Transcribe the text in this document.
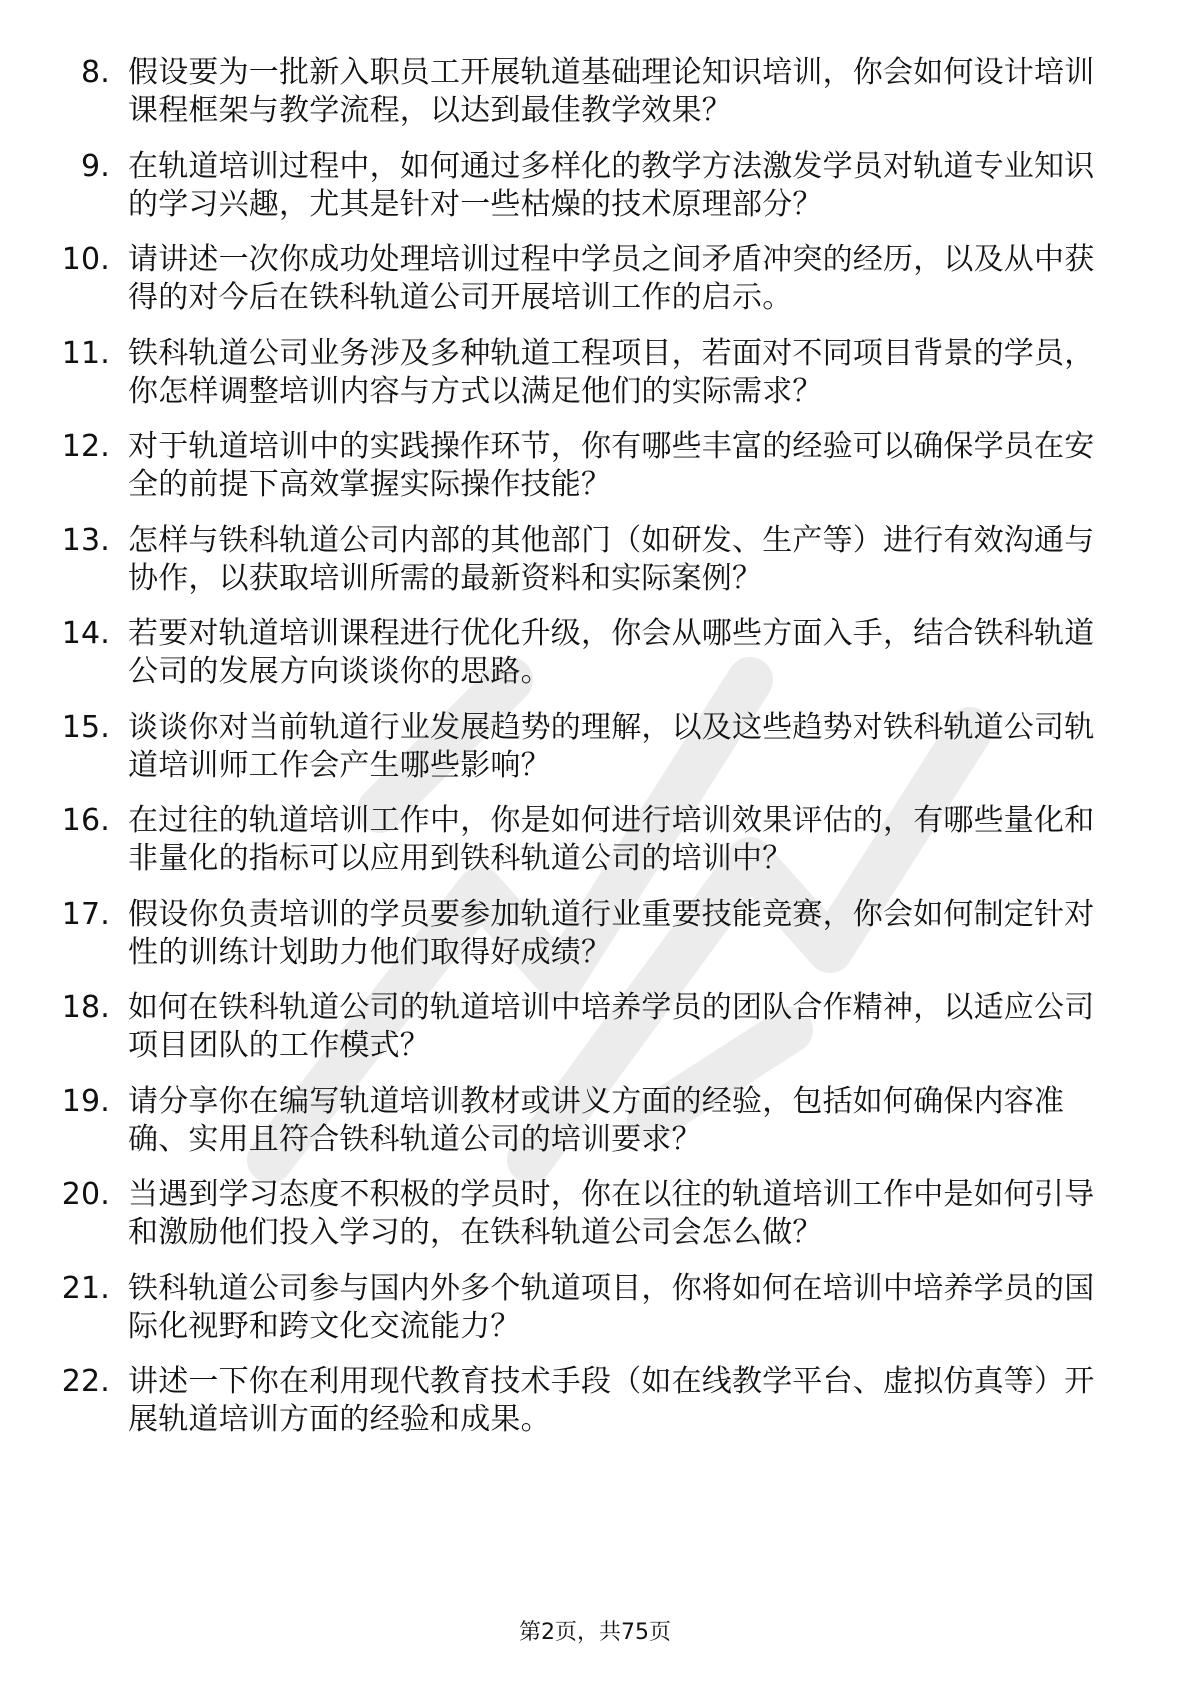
8. 假设要为一批新入职员工开展轨道基础理论知识培训，你会如何设计培训课程框架与教学流程，以达到最佳教学效果？
9. 在轨道培训过程中，如何通过多样化的教学方法激发学员对轨道专业知识的学习兴趣，尤其是针对一些枯燥的技术原理部分？
10. 请讲述一次你成功处理培训过程中学员之间矛盾冲突的经历，以及从中获得的对今后在铁科轨道公司开展培训工作的启示。
11. 铁科轨道公司业务涉及多种轨道工程项目，若面对不同项目背景的学员，你怎样调整培训内容与方式以满足他们的实际需求？
12. 对于轨道培训中的实践操作环节，你有哪些丰富的经验可以确保学员在安全的前提下高效掌握实际操作技能？
13. 怎样与铁科轨道公司内部的其他部门（如研发、生产等）进行有效沟通与协作，以获取培训所需的最新资料和实际案例？
14. 若要对轨道培训课程进行优化升级，你会从哪些方面入手，结合铁科轨道公司的发展方向谈谈你的思路。
15. 谈谈你对当前轨道行业发展趋势的理解，以及这些趋势对铁科轨道公司轨道培训师工作会产生哪些影响？
16. 在过往的轨道培训工作中，你是如何进行培训效果评估的，有哪些量化和非量化的指标可以应用到铁科轨道公司的培训中？
17. 假设你负责培训的学员要参加轨道行业重要技能竞赛，你会如何制定针对性的训练计划助力他们取得好成绩？
18. 如何在铁科轨道公司的轨道培训中培养学员的团队合作精神，以适应公司项目团队的工作模式？
19. 请分享你在编写轨道培训教材或讲义方面的经验，包括如何确保内容准确、实用且符合铁科轨道公司的培训要求？
20. 当遇到学习态度不积极的学员时，你在以往的轨道培训工作中是如何引导和激励他们投入学习的，在铁科轨道公司会怎么做？
21. 铁科轨道公司参与国内外多个轨道项目，你将如何在培训中培养学员的国际化视野和跨文化交流能力？
22. 讲述一下你在利用现代教育技术手段（如在线教学平台、虚拟仿真等）开展轨道培训方面的经验和成果。
第2页，共75页
